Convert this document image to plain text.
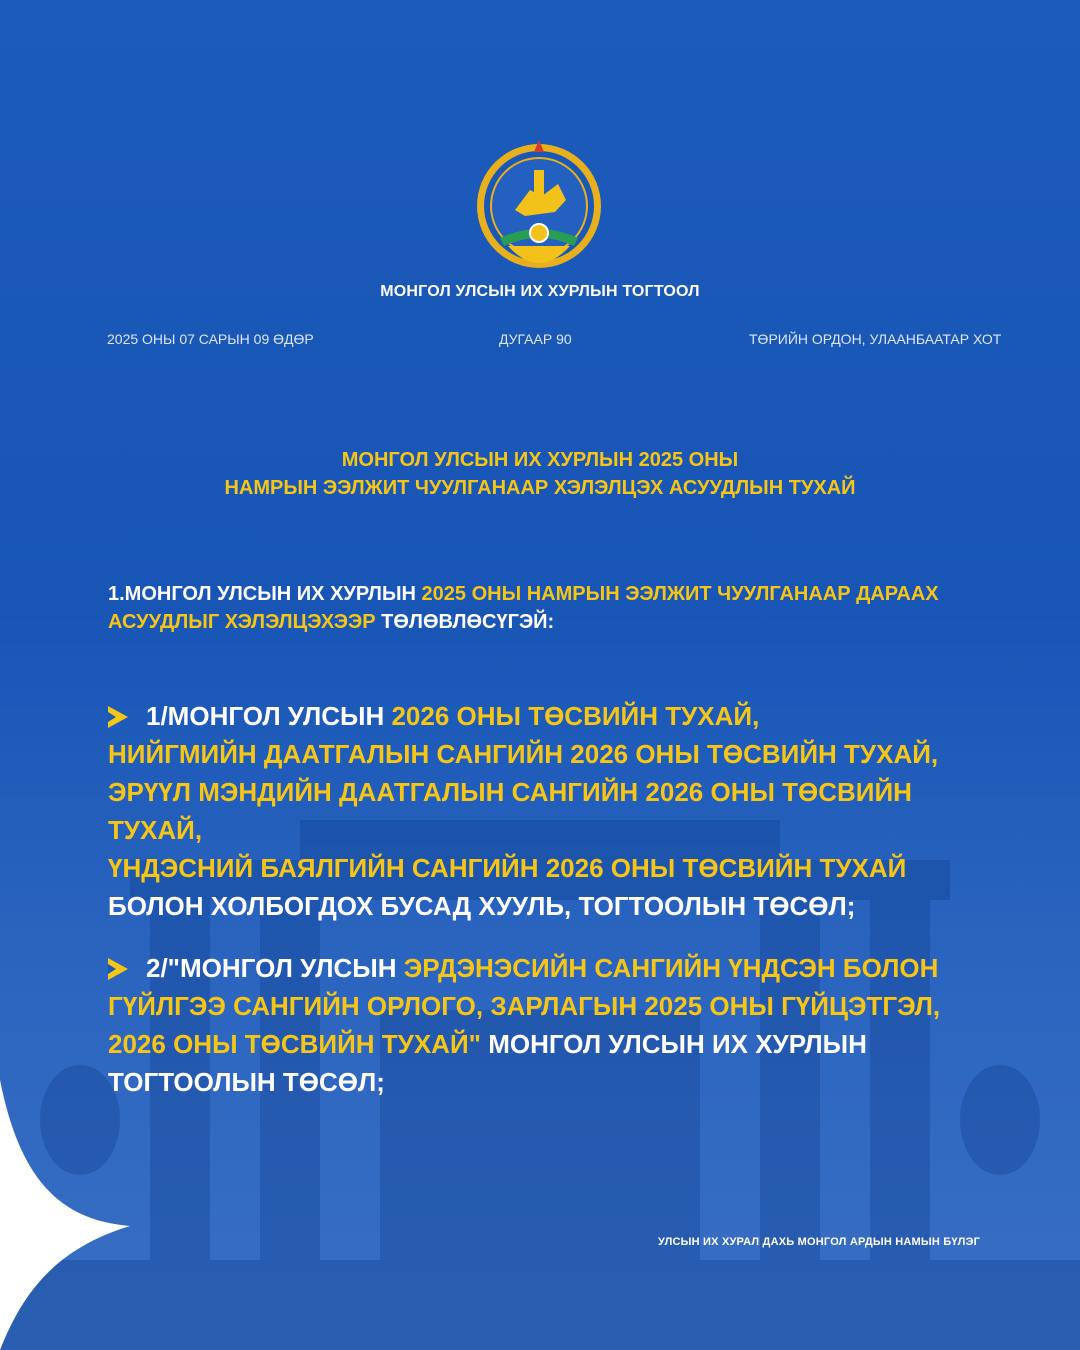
МОНГОЛ УЛСЫН ИХ ХУРЛЫН ТОГТООЛ
2025 ОНЫ 07 САРЫН 09 ӨДӨР	ДУГААР 90	ТӨРИЙН ОРДОН, УЛААНБААТАР ХОТ
МОНГОЛ УЛСЫН ИХ ХУРЛЫН 2025 ОНЫ
НАМРЫН ЭЭЛЖИТ ЧУУЛГАНААР ХЭЛЭЛЦЭХ АСУУДЛЫН ТУХАЙ
1.МОНГОЛ УЛСЫН ИХ ХУРЛЫН 2025 ОНЫ НАМРЫН ЭЭЛЖИТ ЧУУЛГАНААР ДАРААХ АСУУДЛЫГ ХЭЛЭЛЦЭХЭЭР ТӨЛӨВЛӨСҮГЭЙ:
1/МОНГОЛ УЛСЫН 2026 ОНЫ ТӨСВИЙН ТУХАЙ,
НИЙГМИЙН ДААТГАЛЫН САНГИЙН 2026 ОНЫ ТӨСВИЙН ТУХАЙ,
ЭРҮҮЛ МЭНДИЙН ДААТГАЛЫН САНГИЙН 2026 ОНЫ ТӨСВИЙН ТУХАЙ,
ҮНДЭСНИЙ БАЯЛГИЙН САНГИЙН 2026 ОНЫ ТӨСВИЙН ТУХАЙ БОЛОН ХОЛБОГДОХ БУСАД ХУУЛЬ, ТОГТООЛЫН ТӨСӨЛ;
2/"МОНГОЛ УЛСЫН ЭРДЭНЭСИЙН САНГИЙН ҮНДСЭН БОЛОН ГҮЙЛГЭЭ САНГИЙН ОРЛОГО, ЗАРЛАГЫН 2025 ОНЫ ГҮЙЦЭТГЭЛ, 2026 ОНЫ ТӨСВИЙН ТУХАЙ" МОНГОЛ УЛСЫН ИХ ХУРЛЫН ТОГТООЛЫН ТӨСӨЛ;
УЛСЫН ИХ ХУРАЛ ДАХЬ МОНГОЛ АРДЫН НАМЫН БҮЛЭГ
